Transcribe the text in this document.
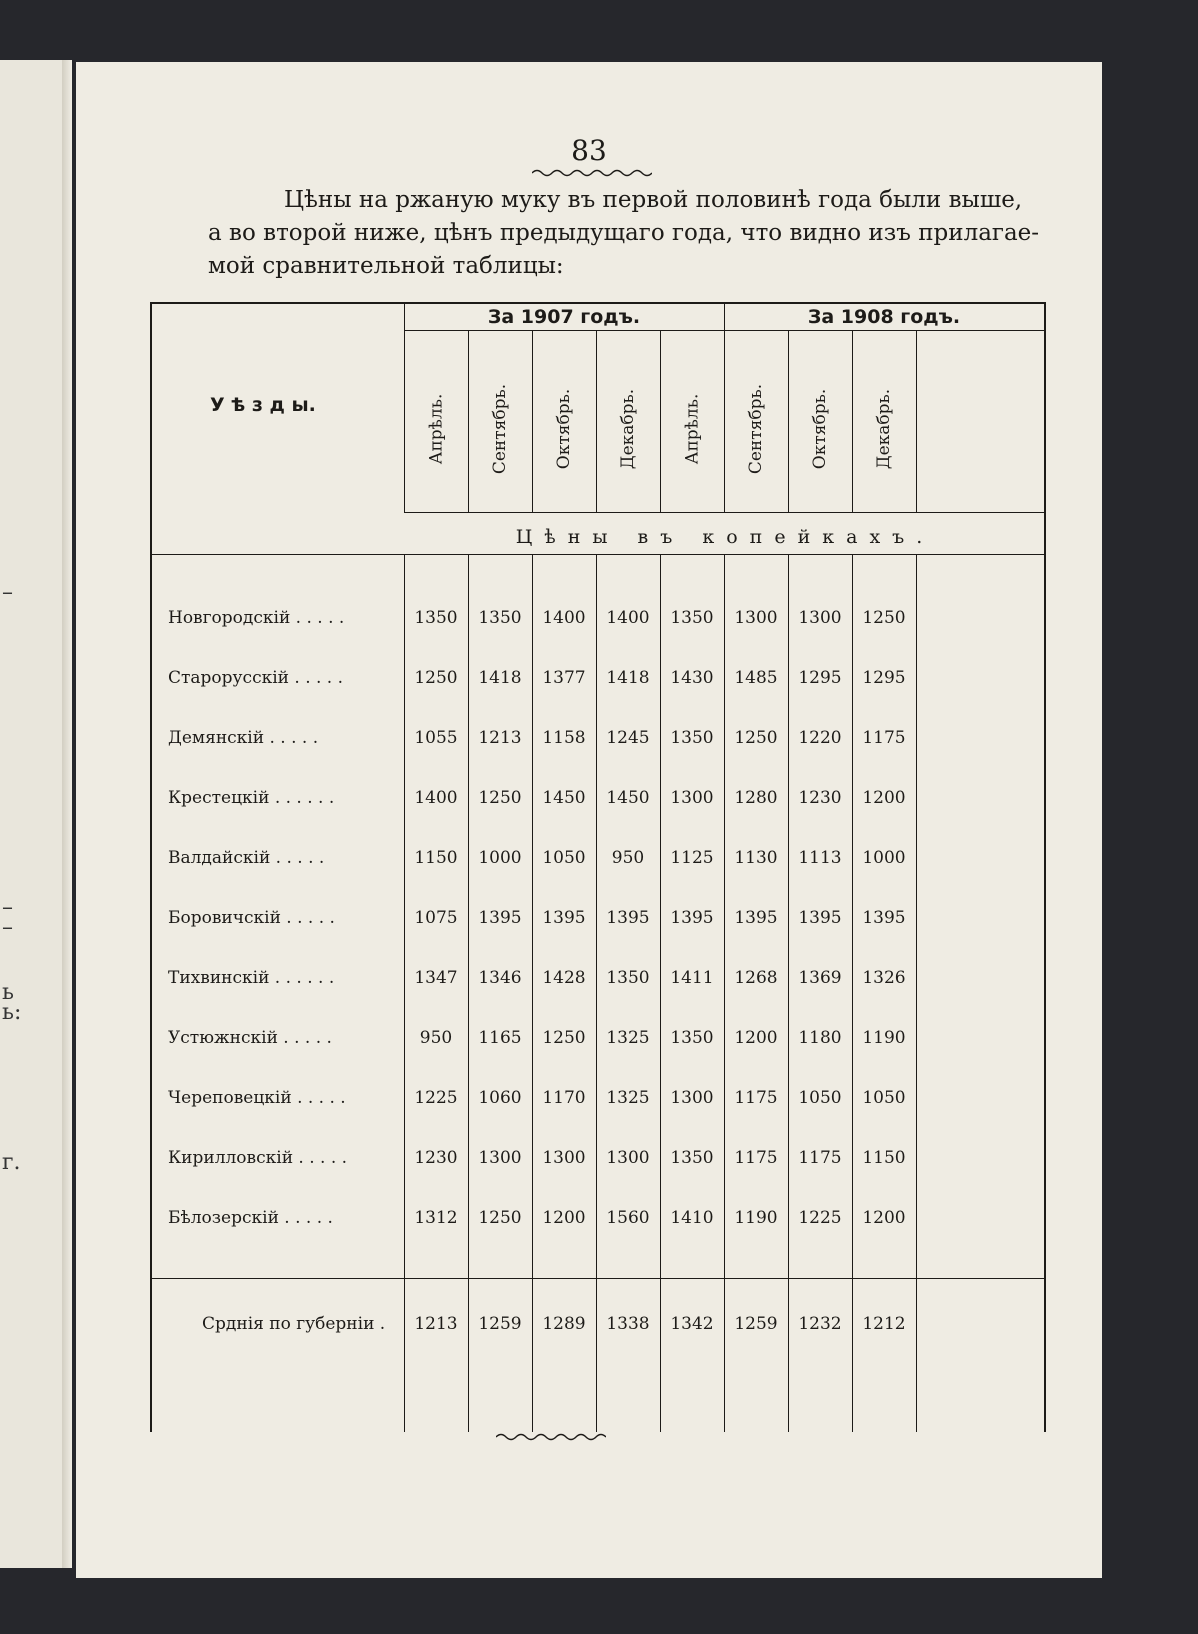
–
–
–
ь
ь:
г.
83

Цѣны на ржаную муку въ первой половинѣ года были выше,
а во второй ниже, цѣнъ предыдущаго года, что видно изъ прилагае-
мой сравнительной таблицы:

У ѣ з д ы.
За 1907 годъ.	За 1908 годъ.
Апрѣль.	Сентябрь.	Октябрь.	Декабрь.	Апрѣль.	Сентябрь.	Октябрь.	Декабрь.
Цѣны въ копейкахъ.
Новгородскій . . . . .	1350	1350	1400	1400	1350	1300	1300	1250
Старорусскій . . . . .	1250	1418	1377	1418	1430	1485	1295	1295
Демянскій . . . . .	1055	1213	1158	1245	1350	1250	1220	1175
Крестецкій . . . . . .	1400	1250	1450	1450	1300	1280	1230	1200
Валдайскій . . . . .	1150	1000	1050	950	1125	1130	1113	1000
Боровичскій . . . . .	1075	1395	1395	1395	1395	1395	1395	1395
Тихвинскій . . . . . .	1347	1346	1428	1350	1411	1268	1369	1326
Устюжнскій . . . . .	950	1165	1250	1325	1350	1200	1180	1190
Череповецкій . . . . .	1225	1060	1170	1325	1300	1175	1050	1050
Кирилловскій . . . . .	1230	1300	1300	1300	1350	1175	1175	1150
Бѣлозерскій . . . . .	1312	1250	1200	1560	1410	1190	1225	1200
Срднія по губерніи .	1213	1259	1289	1338	1342	1259	1232	1212
